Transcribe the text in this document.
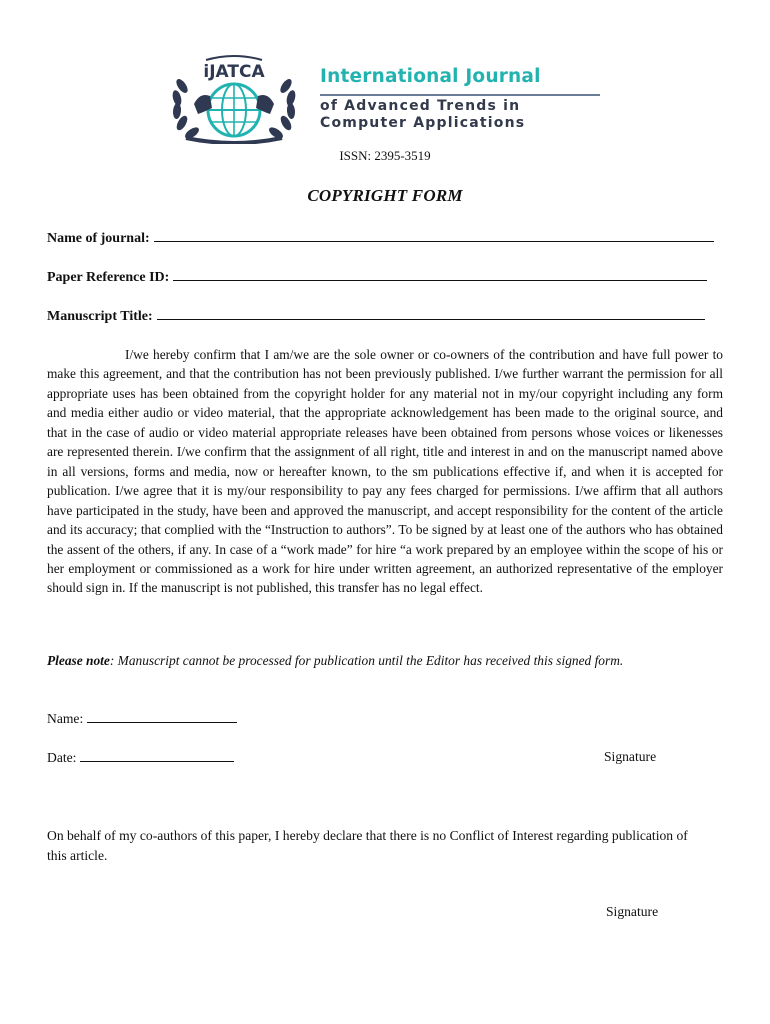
iJATCA	International Journal
of Advanced Trends in
Computer Applications
ISSN: 2395-3519
COPYRIGHT FORM
Name of journal:
Paper Reference ID:
Manuscript Title:
I/we hereby confirm that I am/we are the sole owner or co-owners of the contribution and have full power to make this agreement, and that the contribution has not been previously published. I/we further warrant the permission for all appropriate uses has been obtained from the copyright holder for any material not in my/our copyright including any form and media either audio or video material, that the appropriate acknowledgement has been made to the original source, and that in the case of audio or video material appropriate releases have been obtained from persons whose voices or likenesses are represented therein. I/we confirm that the assignment of all right, title and interest in and on the manuscript named above in all versions, forms and media, now or hereafter known, to the sm publications effective if, and when it is accepted for publication. I/we agree that it is my/our responsibility to pay any fees charged for permissions. I/we affirm that all authors have participated in the study, have been and approved the manuscript, and accept responsibility for the content of the article and its accuracy; that complied with the “Instruction to authors”. To be signed by at least one of the authors who has obtained the assent of the others, if any. In case of a “work made” for hire “a work prepared by an employee within the scope of his or her employment or commissioned as a work for hire under written agreement, an authorized representative of the employer should sign in. If the manuscript is not published, this transfer has no legal effect.
Please note: Manuscript cannot be processed for publication until the Editor has received this signed form.
Name:
Date:	Signature
On behalf of my co-authors of this paper, I hereby declare that there is no Conflict of Interest regarding publication of this article.
Signature
